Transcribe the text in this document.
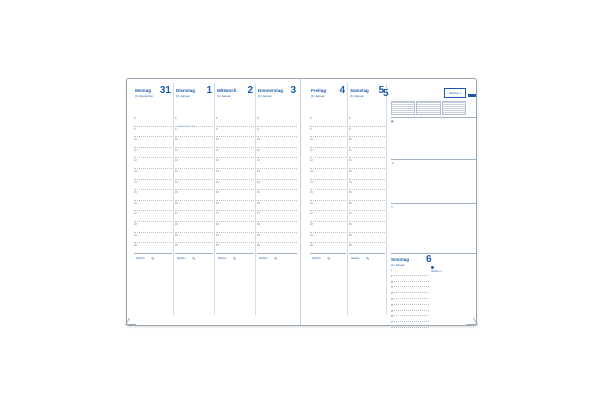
Montag
(1) Dezember 31
8
9
10
11
12
13
14
15
16
17
18
19
20
Notizen ✎
Dienstag
(1) Januar 1
Neujahr (Kl, Ö, Ch)
8
9
10
11
12
13
14
15
16
17
18
19
20
Notizen ✎
Mittwoch
(1) Januar 2
8
9
10
11
12
13
14
15
16
17
18
19
20
Notizen ✎
Donnerstag
(1) Januar 3
8
9
10
11
12
13
14
15
16
17
18
19
20
Notizen ✎
Freitag
(1) Januar 4
8
9
10
11
12
13
14
15
16
17
18
19
20
Notizen ✎
Samstag
(1) Januar 5
8
9
10
11
12
13
14
15
16
17
18
19
20
Notizen ✎
5	Woche 1
▣
☏
✎
Sonntag 6
(1) Januar
8
9
10
11
12
13
14
15
16
17
Notizen ✎
